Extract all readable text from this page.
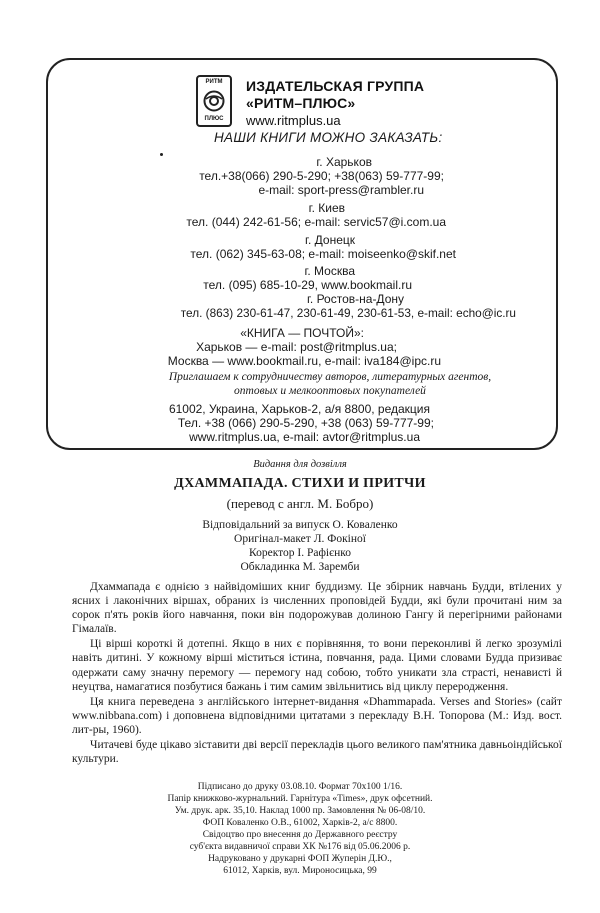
РИТМ
ПЛЮС
ИЗДАТЕЛЬСКАЯ ГРУППА
«РИТМ–ПЛЮС»
www.ritmplus.ua
НАШИ КНИГИ МОЖНО ЗАКАЗАТЬ:
г. Харьков
тел.+38(066) 290-5-290; +38(063) 59-777-99;
e-mail: sport-press@rambler.ru
г. Киев
тел. (044) 242-61-56; e-mail: servic57@i.com.ua
г. Донецк
тел. (062) 345-63-08; e-mail: moiseenko@skif.net
г. Москва
тел. (095) 685-10-29, www.bookmail.ru
г. Ростов-на-Дону
тел. (863) 230-61-47, 230-61-49, 230-61-53, e-mail: echo@ic.ru
«КНИГА — ПОЧТОЙ»:
Харьков — e-mail: post@ritmplus.ua;
Москва — www.bookmail.ru, e-mail: iva184@ipc.ru
Приглашаем к сотрудничеству авторов, литературных агентов, оптовых и мелкооптовых покупателей
61002, Украина, Харьков-2, а/я 8800, редакция
Тел. +38 (066) 290-5-290, +38 (063) 59-777-99;
www.ritmplus.ua, e-mail: avtor@ritmplus.ua
Видання для дозвілля
ДХАММАПАДА. СТИХИ И ПРИТЧИ
(перевод с англ. М. Бобро)
Відповідальний за випуск О. Коваленко
Оригінал-макет Л. Фокіної
Коректор І. Рафієнко
Обкладинка М. Заремби

Дхаммапада є однією з найвідоміших книг буддизму. Це збірник навчань Будди, втілених у ясних і лаконічних віршах, обраних із численних проповідей Будди, які були прочитані ним за сорок п'ять років його навчання, поки він подорожував долиною Гангу й перегірними районами Гімалаїв.

Ці вірші короткі й дотепні. Якщо в них є порівняння, то вони переконливі й легко зрозумілі навіть дитині. У кожному вірші міститься істина, повчання, рада. Цими словами Будда призиває одержати саму значну перемогу — перемогу над собою, тобто уникати зла страсті, ненависті й неуцтва, намагатися позбутися бажань і тим самим звільнитись від циклу переродження.

Ця книга переведена з англійського інтернет-видання «Dhammapada. Verses and Stories» (сайт www.nibbana.com) і доповнена відповідними цитатами з перекладу В.Н. Топорова (М.: Изд. вост. лит-ры, 1960).

Читачеві буде цікаво зіставити дві версії перекладів цього великого пам'ятника давньоіндійської культури.

Підписано до друку 03.08.10. Формат 70х100 1/16.
Папір книжково-журнальний. Гарнітура «Times», друк офсетний.
Ум. друк. арк. 35,10. Наклад 1000 пр. Замовлення № 06-08/10.
ФОП Коваленко О.В., 61002, Харків-2, а/с 8800.
Свідоцтво про внесення до Державного реєстру
суб'єкта видавничої справи ХК №176 від 05.06.2006 р.
Надруковано у друкарні ФОП Жуперін Д.Ю.,
61012, Харків, вул. Мироносицька, 99
